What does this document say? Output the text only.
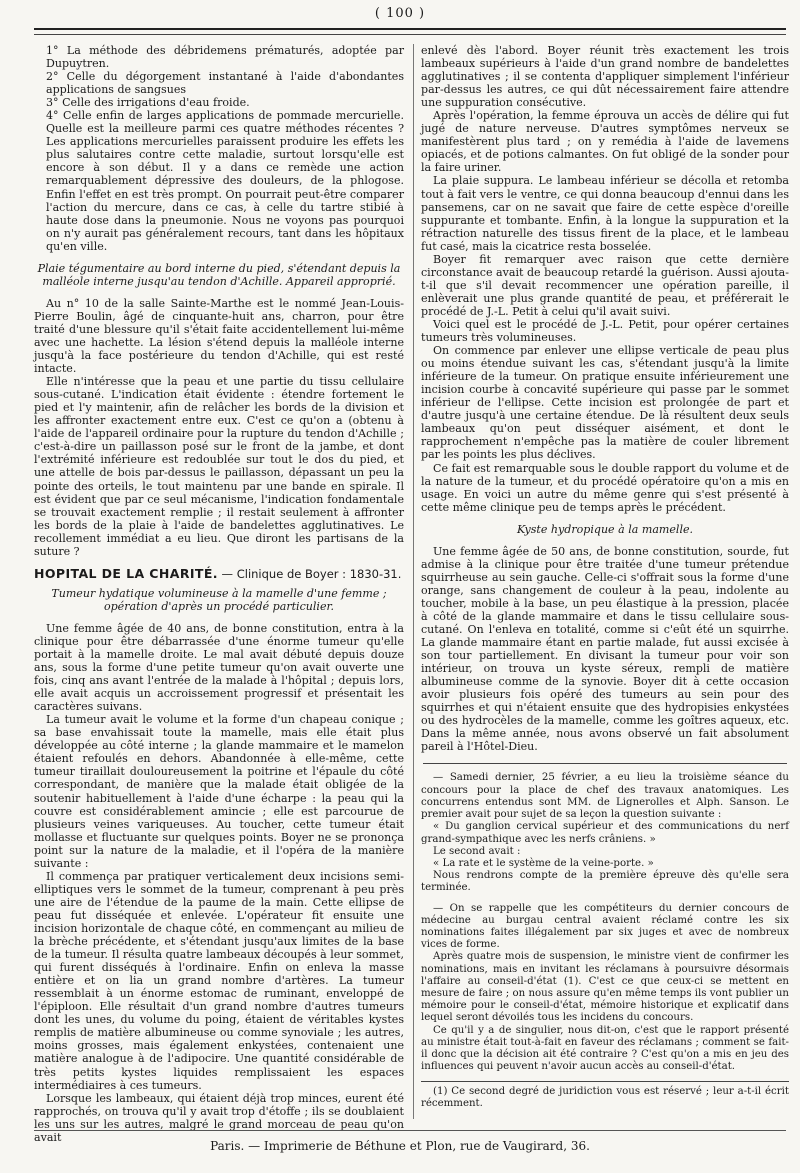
( 100 )

1° La méthode des débridemens prématurés, adoptée par Dupuytren.

2° Celle du dégorgement instantané à l'aide d'abondantes applications de sangsues

3° Celle des irrigations d'eau froide.

4° Celle enfin de larges applications de pommade mercurielle. Quelle est la meilleure parmi ces quatre méthodes récentes ? Les applications mercurielles paraissent produire les effets les plus salutaires contre cette maladie, surtout lorsqu'elle est encore à son début. Il y a dans ce remède une action remarquablement dépressive des douleurs, de la phlogose. Enfin l'effet en est très prompt. On pourrait peut-être comparer l'action du mercure, dans ce cas, à celle du tartre stibié à haute dose dans la pneumonie. Nous ne voyons pas pourquoi on n'y aurait pas généralement recours, tant dans les hôpitaux qu'en ville.

Plaie tégumentaire au bord interne du pied, s'étendant depuis la malléole interne jusqu'au tendon d'Achille. Appareil approprié.

Au n° 10 de la salle Sainte-Marthe est le nommé Jean-Louis-Pierre Boulin, âgé de cinquante-huit ans, charron, pour être traité d'une blessure qu'il s'était faite accidentellement lui-même avec une hachette. La lésion s'étend depuis la malléole interne jusqu'à la face postérieure du tendon d'Achille, qui est resté intacte.

Elle n'intéresse que la peau et une partie du tissu cellulaire sous-cutané. L'indication était évidente : étendre fortement le pied et l'y maintenir, afin de relâcher les bords de la division et les affronter exactement entre eux. C'est ce qu'on a (obtenu à l'aide de l'appareil ordinaire pour la rupture du tendon d'Achille ; c'est-à-dire un paillasson posé sur le front de la jambe, et dont l'extrémité inférieure est redoublée sur tout le dos du pied, et une attelle de bois par-dessus le paillasson, dépassant un peu la pointe des orteils, le tout maintenu par une bande en spirale. Il est évident que par ce seul mécanisme, l'indication fondamentale se trouvait exactement remplie ; il restait seulement à affronter les bords de la plaie à l'aide de bandelettes agglutinatives. Le recollement immédiat a eu lieu. Que diront les partisans de la suture ?

HOPITAL DE LA CHARITÉ. — Clinique de Boyer : 1830-31.

Tumeur hydatique volumineuse à la mamelle d'une femme ; opération d'après un procédé particulier.

Une femme âgée de 40 ans, de bonne constitution, entra à la clinique pour être débarrassée d'une énorme tumeur qu'elle portait à la mamelle droite. Le mal avait débuté depuis douze ans, sous la forme d'une petite tumeur qu'on avait ouverte une fois, cinq ans avant l'entrée de la malade à l'hôpital ; depuis lors, elle avait acquis un accroissement progressif et présentait les caractères suivans.

La tumeur avait le volume et la forme d'un chapeau conique ; sa base envahissait toute la mamelle, mais elle était plus développée au côté interne ; la glande mammaire et le mamelon étaient refoulés en dehors. Abandonnée à elle-même, cette tumeur tiraillait douloureusement la poitrine et l'épaule du côté correspondant, de manière que la malade était obligée de la soutenir habituellement à l'aide d'une écharpe : la peau qui la couvre est considérablement amincie ; elle est parcourue de plusieurs veines variqueuses. Au toucher, cette tumeur était mollasse et fluctuante sur quelques points. Boyer ne se prononça point sur la nature de la maladie, et il l'opéra de la manière suivante :

Il commença par pratiquer verticalement deux incisions semi-elliptiques vers le sommet de la tumeur, comprenant à peu près une aire de l'étendue de la paume de la main. Cette ellipse de peau fut disséquée et enlevée. L'opérateur fit ensuite une incision horizontale de chaque côté, en commençant au milieu de la brèche précédente, et s'étendant jusqu'aux limites de la base de la tumeur. Il résulta quatre lambeaux découpés à leur sommet, qui furent disséqués à l'ordinaire. Enfin on enleva la masse entière et on lia un grand nombre d'artères. La tumeur ressemblait à un énorme estomac de ruminant, enveloppé de l'épiploon. Elle résultait d'un grand nombre d'autres tumeurs dont les unes, du volume du poing, étaient de véritables kystes remplis de matière albumineuse ou comme synoviale ; les autres, moins grosses, mais également enkystées, contenaient une matière analogue à de l'adipocire. Une quantité considérable de très petits kystes liquides remplissaient les espaces intermédiaires à ces tumeurs.

Lorsque les lambeaux, qui étaient déjà trop minces, eurent été rapprochés, on trouva qu'il y avait trop d'étoffe ; ils se doublaient les uns sur les autres, malgré le grand morceau de peau qu'on avait

enlevé dès l'abord. Boyer réunit très exactement les trois lambeaux supérieurs à l'aide d'un grand nombre de bandelettes agglutinatives ; il se contenta d'appliquer simplement l'inférieur par-dessus les autres, ce qui dût nécessairement faire attendre une suppuration consécutive.

Après l'opération, la femme éprouva un accès de délire qui fut jugé de nature nerveuse. D'autres symptômes nerveux se manifestèrent plus tard ; on y remédia à l'aide de lavemens opiacés, et de potions calmantes. On fut obligé de la sonder pour la faire uriner.

La plaie suppura. Le lambeau inférieur se décolla et retomba tout à fait vers le ventre, ce qui donna beaucoup d'ennui dans les pansemens, car on ne savait que faire de cette espèce d'oreille suppurante et tombante. Enfin, à la longue la suppuration et la rétraction naturelle des tissus firent de la place, et le lambeau fut casé, mais la cicatrice resta bosselée.

Boyer fit remarquer avec raison que cette dernière circonstance avait de beaucoup retardé la guérison. Aussi ajouta-t-il que s'il devait recommencer une opération pareille, il enlèverait une plus grande quantité de peau, et préférerait le procédé de J.-L. Petit à celui qu'il avait suivi.

Voici quel est le procédé de J.-L. Petit, pour opérer certaines tumeurs très volumineuses.

On commence par enlever une ellipse verticale de peau plus ou moins étendue suivant les cas, s'étendant jusqu'à la limite inférieure de la tumeur. On pratique ensuite inférieurement une incision courbe à concavité supérieure qui passe par le sommet inférieur de l'ellipse. Cette incision est prolongée de part et d'autre jusqu'à une certaine étendue. De là résultent deux seuls lambeaux qu'on peut disséquer aisément, et dont le rapprochement n'empêche pas la matière de couler librement par les points les plus déclives.

Ce fait est remarquable sous le double rapport du volume et de la nature de la tumeur, et du procédé opératoire qu'on a mis en usage. En voici un autre du même genre qui s'est présenté à cette même clinique peu de temps après le précédent.

Kyste hydropique à la mamelle.

Une femme âgée de 50 ans, de bonne constitution, sourde, fut admise à la clinique pour être traitée d'une tumeur prétendue squirrheuse au sein gauche. Celle-ci s'offrait sous la forme d'une orange, sans changement de couleur à la peau, indolente au toucher, mobile à la base, un peu élastique à la pression, placée à côté de la glande mammaire et dans le tissu cellulaire sous-cutané. On l'enleva en totalité, comme si c'eût été un squirrhe. La glande mammaire étant en partie malade, fut aussi excisée à son tour partiellement. En divisant la tumeur pour voir son intérieur, on trouva un kyste séreux, rempli de matière albumineuse comme de la synovie. Boyer dit à cette occasion avoir plusieurs fois opéré des tumeurs au sein pour des squirrhes et qui n'étaient ensuite que des hydropisies enkystées ou des hydrocèles de la mamelle, comme les goîtres aqueux, etc. Dans la même année, nous avons observé un fait absolument pareil à l'Hôtel-Dieu.

— Samedi dernier, 25 février, a eu lieu la troisième séance du concours pour la place de chef des travaux anatomiques. Les concurrens entendus sont MM. de Lignerolles et Alph. Sanson. Le premier avait pour sujet de sa leçon la question suivante :

« Du ganglion cervical supérieur et des communications du nerf grand-sympathique avec les nerfs crâniens. »

Le second avait :

« La rate et le système de la veine-porte. »

Nous rendrons compte de la première épreuve dès qu'elle sera terminée.

— On se rappelle que les compétiteurs du dernier concours de médecine au burgau central avaient réclamé contre les six nominations faites illégalement par six juges et avec de nombreux vices de forme.

Après quatre mois de suspension, le ministre vient de confirmer les nominations, mais en invitant les réclamans à poursuivre désormais l'affaire au conseil-d'état (1). C'est ce que ceux-ci se mettent en mesure de faire ; on nous assure qu'en même temps ils vont publier un mémoire pour le conseil-d'état, mémoire historique et explicatif dans lequel seront dévoilés tous les incidens du concours.

Ce qu'il y a de singulier, nous dit-on, c'est que le rapport présenté au ministre était tout-à-fait en faveur des réclamans ; comment se fait-il donc que la décision ait été contraire ? C'est qu'on a mis en jeu des influences qui peuvent n'avoir aucun accès au conseil-d'état.

(1) Ce second degré de juridiction vous est réservé ; leur a-t-il écrit récemment.

Paris. — Imprimerie de Béthune et Plon, rue de Vaugirard, 36.
